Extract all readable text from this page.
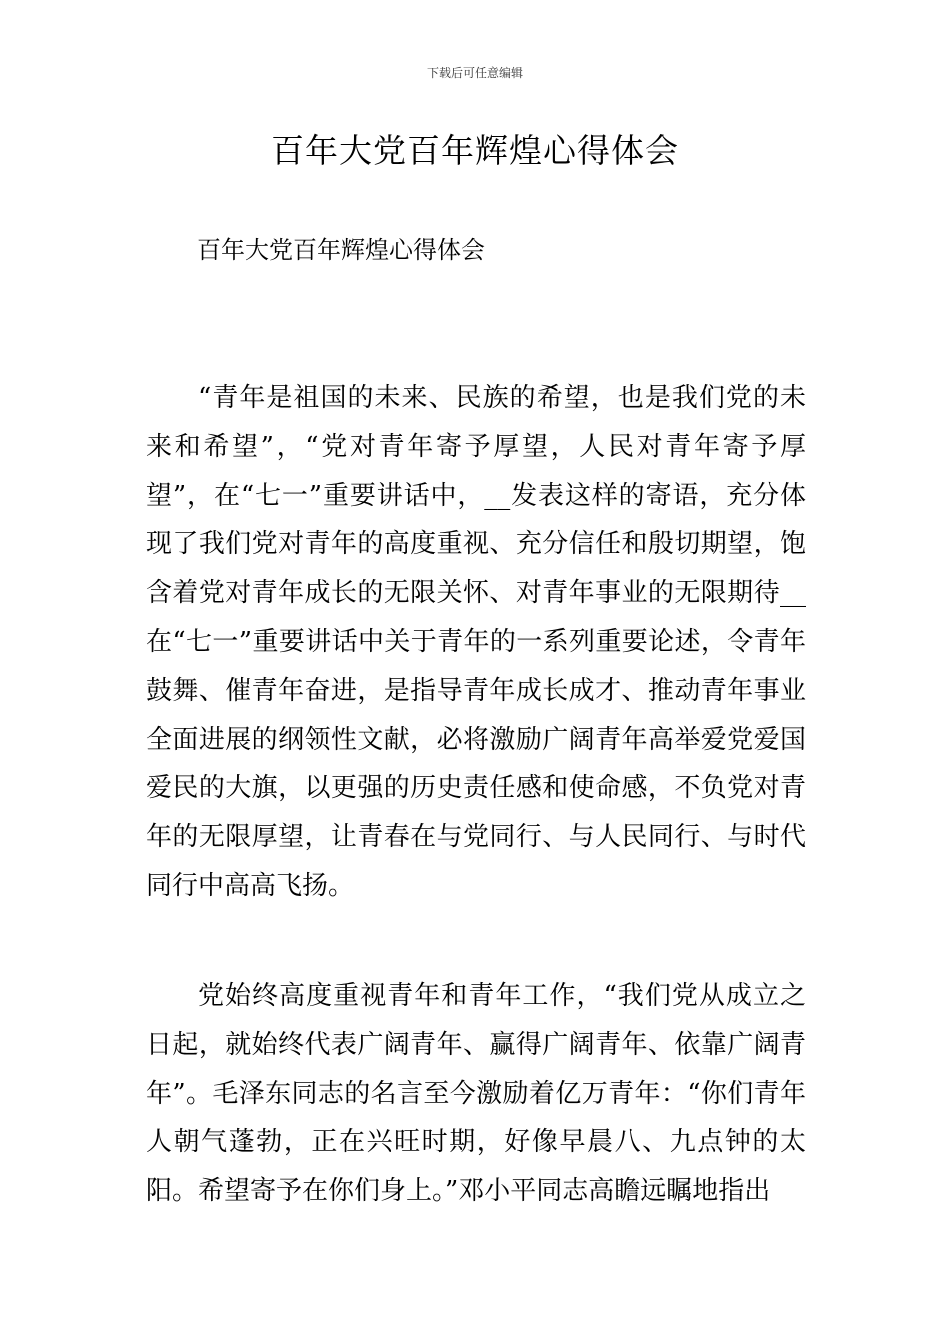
下载后可任意编辑
百年大党百年辉煌心得体会

百年大党百年辉煌心得体会

“青年是祖国的未来、民族的希望，也是我们党的未来和希望”，“党对青年寄予厚望，人民对青年寄予厚望”，在“七一”重要讲话中，__发表这样的寄语，充分体现了我们党对青年的高度重视、充分信任和殷切期望，饱含着党对青年成长的无限关怀、对青年事业的无限期待__在“七一”重要讲话中关于青年的一系列重要论述，令青年鼓舞、催青年奋进，是指导青年成长成才、推动青年事业全面进展的纲领性文献，必将激励广阔青年高举爱党爱国爱民的大旗，以更强的历史责任感和使命感，不负党对青年的无限厚望，让青春在与党同行、与人民同行、与时代同行中高高飞扬。

党始终高度重视青年和青年工作，“我们党从成立之日起，就始终代表广阔青年、赢得广阔青年、依靠广阔青年”。毛泽东同志的名言至今激励着亿万青年：“你们青年人朝气蓬勃，正在兴旺时期，好像早晨八、九点钟的太阳。希望寄予在你们身上。”邓小平同志高瞻远瞩地指出
